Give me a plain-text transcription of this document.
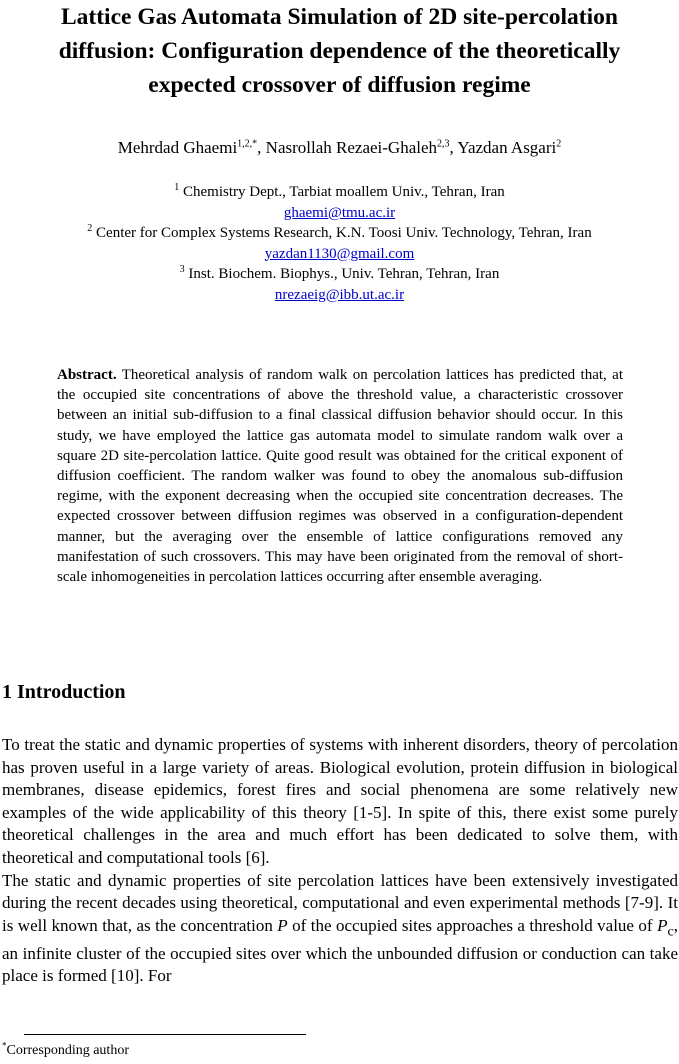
Lattice Gas Automata Simulation of 2D site-percolation
diffusion: Configuration dependence of the theoretically
expected crossover of diffusion regime
Mehrdad Ghaemi$^{1,2,*}$, Nasrollah Rezaei-Ghaleh$^{2,3}$, Yazdan Asgari$^2$
$^1$ Chemistry Dept., Tarbiat moallem Univ., Tehran, Iran
ghaemi@tmu.ac.ir
$^2$ Center for Complex Systems Research, K.N. Toosi Univ. Technology, Tehran, Iran
yazdan1130@gmail.com
$^3$ Inst. Biochem. Biophys., Univ. Tehran, Tehran, Iran
nrezaeig@ibb.ut.ac.ir

Abstract. Theoretical analysis of random walk on percolation lattices has predicted that, at the occupied site concentrations of above the threshold value, a characteristic crossover between an initial sub-diffusion to a final classical diffusion behavior should occur. In this study, we have employed the lattice gas automata model to simulate random walk over a square 2D site-percolation lattice. Quite good result was obtained for the critical exponent of diffusion coefficient. The random walker was found to obey the anomalous sub-diffusion regime, with the exponent decreasing when the occupied site concentration decreases. The expected crossover between diffusion regimes was observed in a configuration-dependent manner, but the averaging over the ensemble of lattice configurations removed any manifestation of such crossovers. This may have been originated from the removal of short-scale inhomogeneities in percolation lattices occurring after ensemble averaging.

1 Introduction

To treat the static and dynamic properties of systems with inherent disorders, theory of percolation has proven useful in a large variety of areas. Biological evolution, protein diffusion in biological membranes, disease epidemics, forest fires and social phenomena are some relatively new examples of the wide applicability of this theory [1-5]. In spite of this, there exist some purely theoretical challenges in the area and much effort has been dedicated to solve them, with theoretical and computational tools [6].

The static and dynamic properties of site percolation lattices have been extensively investigated during the recent decades using theoretical, computational and even experimental methods [7-9]. It is well known that, as the concentration P of the occupied sites approaches a threshold value of $P_c$, an infinite cluster of the occupied sites over which the unbounded diffusion or conduction can take place is formed [10]. For

*Corresponding author
